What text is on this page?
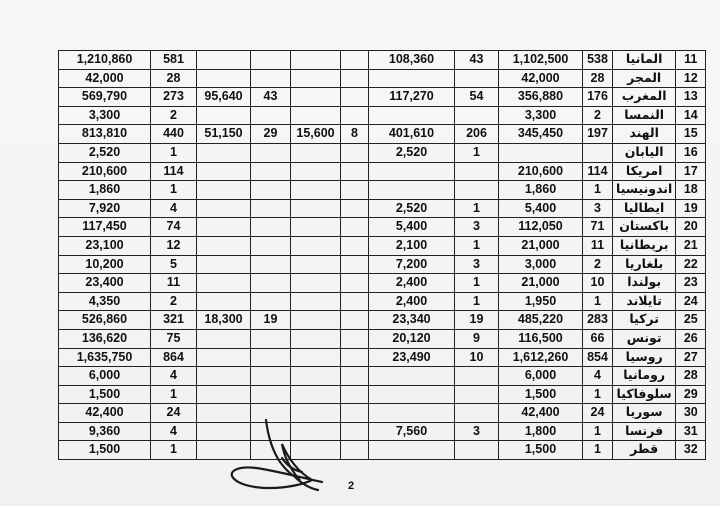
1,210,860	581					108,360	43	1,102,500	538	المانيا	11
42,000	28							42,000	28	المجر	12
569,790	273	95,640	43			117,270	54	356,880	176	المغرب	13
3,300	2							3,300	2	النمسا	14
813,810	440	51,150	29	15,600	8	401,610	206	345,450	197	الهند	15
2,520	1					2,520	1			اليابان	16
210,600	114							210,600	114	امريكا	17
1,860	1							1,860	1	اندونيسيا	18
7,920	4					2,520	1	5,400	3	ايطاليا	19
117,450	74					5,400	3	112,050	71	باكستان	20
23,100	12					2,100	1	21,000	11	بريطانيا	21
10,200	5					7,200	3	3,000	2	بلغاريا	22
23,400	11					2,400	1	21,000	10	بولندا	23
4,350	2					2,400	1	1,950	1	تايلاند	24
526,860	321	18,300	19			23,340	19	485,220	283	تركيا	25
136,620	75					20,120	9	116,500	66	تونس	26
1,635,750	864					23,490	10	1,612,260	854	روسيا	27
6,000	4							6,000	4	رومانيا	28
1,500	1							1,500	1	سلوفاكيا	29
42,400	24							42,400	24	سوريا	30
9,360	4					7,560	3	1,800	1	فرنسا	31
1,500	1							1,500	1	قطر	32
2
